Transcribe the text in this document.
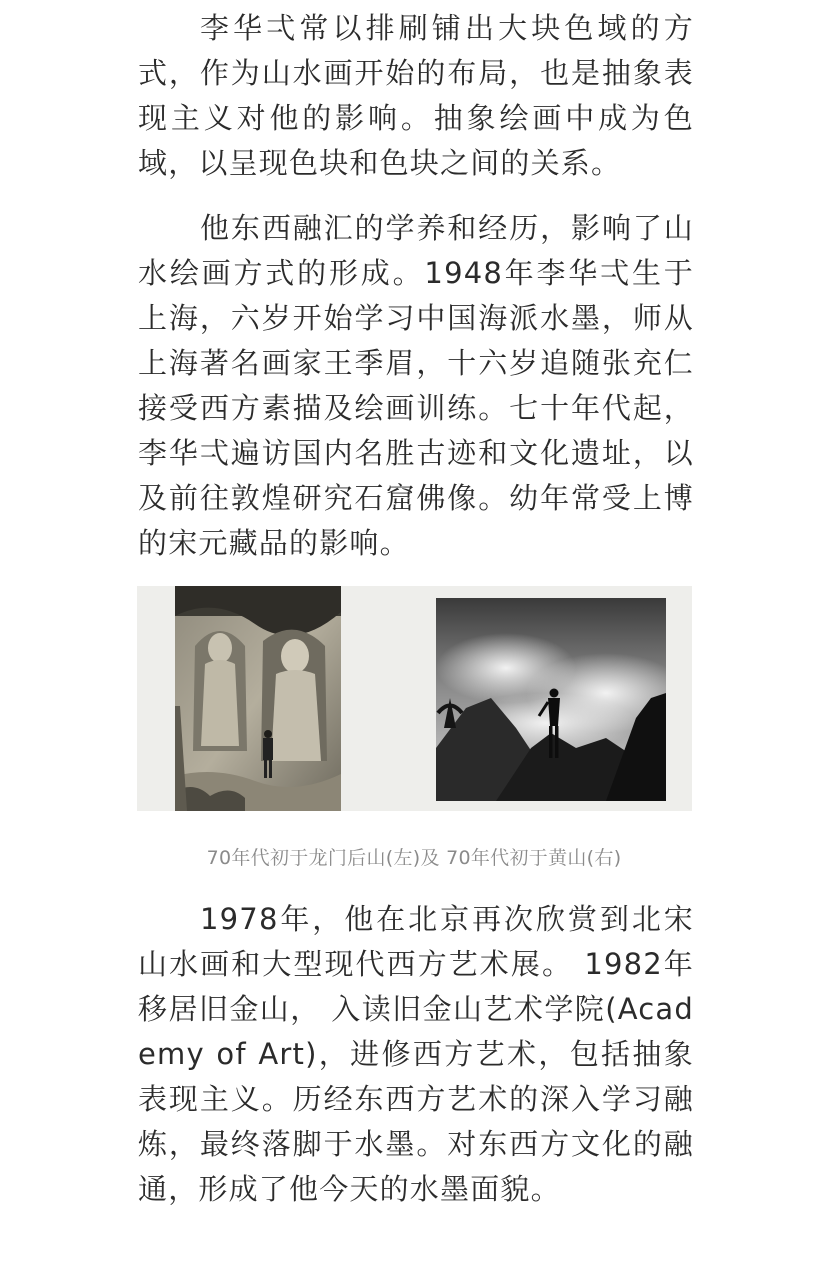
李华弌常以排刷铺出大块色域的方式，作为山水画开始的布局，也是抽象表现主义对他的影响。抽象绘画中成为色域，以呈现色块和色块之间的关系。

他东西融汇的学养和经历，影响了山水绘画方式的形成。1948年李华弌生于上海，六岁开始学习中国海派水墨，师从上海著名画家王季眉，十六岁追随张充仁接受西方素描及绘画训练。七十年代起，李华弌遍访国内名胜古迹和文化遗址，以及前往敦煌研究石窟佛像。幼年常受上博的宋元藏品的影响。

70年代初于龙门后山(左)及 70年代初于黄山(右)

1978年，他在北京再次欣赏到北宋山水画和大型现代西方艺术展。 1982年移居旧金山， 入读旧金山艺术学院(Academy of Art)，进修西方艺术，包括抽象表现主义。历经东西方艺术的深入学习融炼，最终落脚于水墨。对东西方文化的融通，形成了他今天的水墨面貌。
